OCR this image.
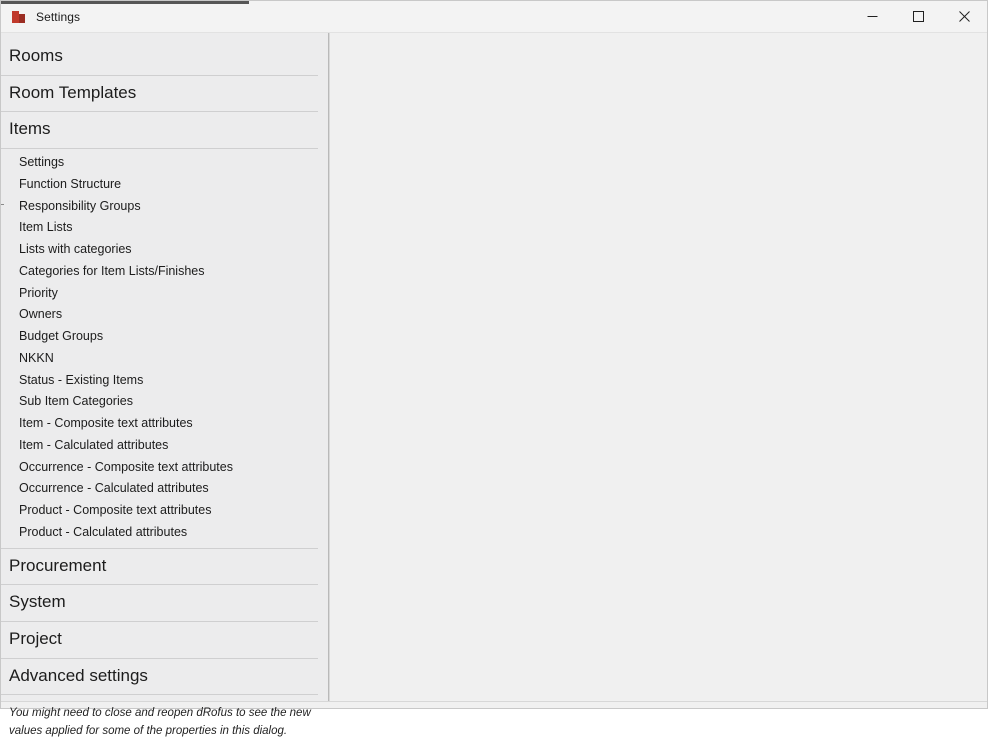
Settings
Rooms
Room Templates
Items
Settings
Function Structure
Responsibility Groups
Item Lists
Lists with categories
Categories for Item Lists/Finishes
Priority
Owners
Budget Groups
NKKN
Status - Existing Items
Sub Item Categories
Item - Composite text attributes
Item - Calculated attributes
Occurrence - Composite text attributes
Occurrence - Calculated attributes
Product - Composite text attributes
Product - Calculated attributes
Procurement
System
Project
Advanced settings
You might need to close and reopen dRofus to see the new values applied for some of the properties in this dialog.
